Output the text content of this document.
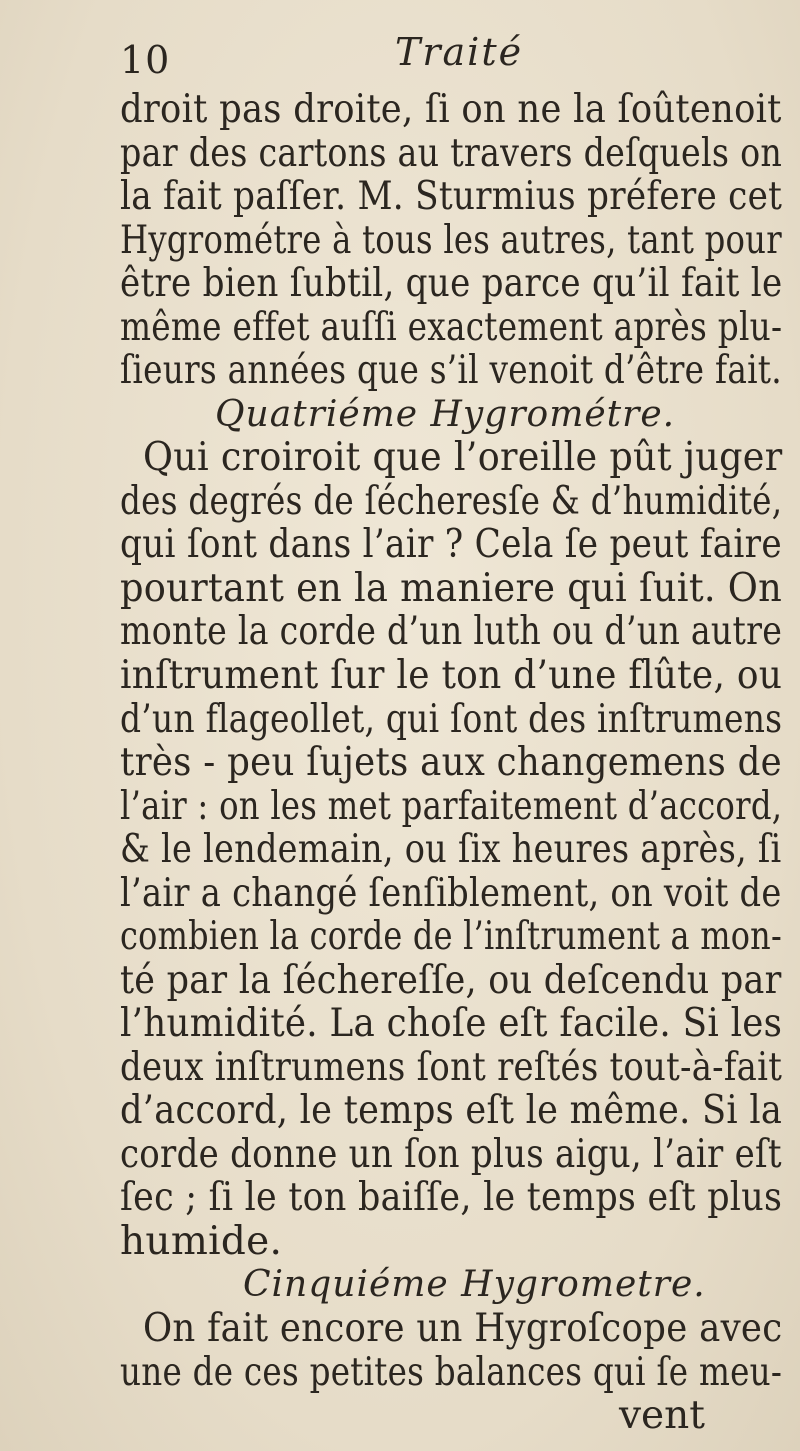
10	Traité
droit pas droite, ſi on ne la ſoûtenoit
par des cartons au travers deſquels on
la fait paſſer. M. Sturmius préfere cet
Hygrométre à tous les autres, tant pour
être bien ſubtil, que parce qu’il fait le
même effet auſſi exactement après plu-
ſieurs années que s’il venoit d’être fait.
Quatriéme Hygrométre.
Qui croiroit que l’oreille pût juger
des degrés de ſécheresſe & d’humidité,
qui ſont dans l’air ? Cela ſe peut faire
pourtant en la maniere qui ſuit. On
monte la corde d’un luth ou d’un autre
inſtrument ſur le ton d’une flûte, ou
d’un flageollet, qui ſont des inſtrumens
très - peu ſujets aux changemens de
l’air : on les met parfaitement d’accord,
& le lendemain, ou ſix heures après, ſi
l’air a changé ſenſiblement, on voit de
combien la corde de l’inſtrument a mon-
té par la ſéchereſſe, ou deſcendu par
l’humidité. La choſe eſt facile. Si les
deux inſtrumens ſont reſtés tout-à-fait
d’accord, le temps eſt le même. Si la
corde donne un ſon plus aigu, l’air eſt
ſec ; ſi le ton baiſſe, le temps eſt plus
humide.
Cinquiéme Hygrometre.
On fait encore un Hygroſcope avec
une de ces petites balances qui ſe meu-
vent
